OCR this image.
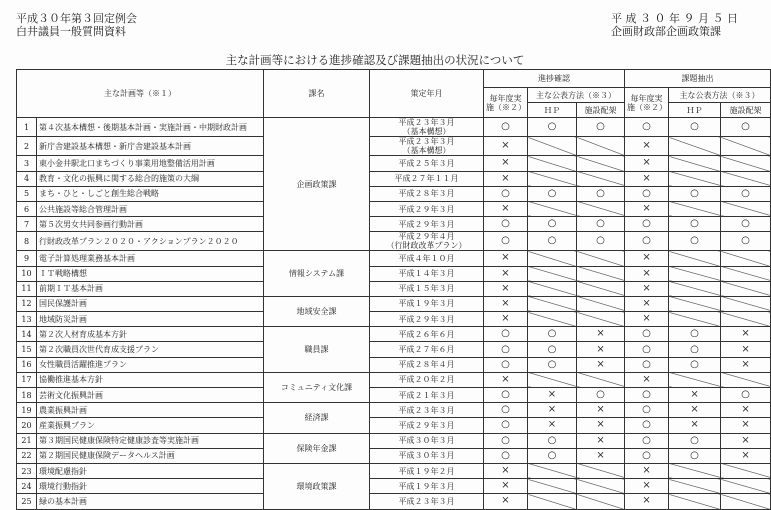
平成３０年第３回定例会
白井議員一般質問資料
平 成 ３ ０ 年 ９ 月 ５ 日
企画財政部企画政策課
主な計画等における進捗確認及び課題抽出の状況について
主な計画等（※１）		課名	策定年月	進捗確認			課題抽出		
				毎年度実施（※２）	主な公表方法（※３）		毎年度実施（※２）	主な公表方法（※３）	
					ＨＰ	施設配架		ＨＰ	施設配架
1	第４次基本構想・後期基本計画・実施計画・中期財政計画	企画政策課	平成２３年３月
（基本構想）	○	○	○	○	○	○
2	新庁舎建設基本構想・新庁舎建設基本計画		平成２３年３月
（基本構想）	×			×		
3	東小金井駅北口まちづくり事業用地整備活用計画		平成２５年３月	×			×		
4	教育・文化の振興に関する総合的施策の大綱		平成２７年１１月	×			×		
5	まち・ひと・しごと創生総合戦略		平成２８年３月	○	○	○	○	○	○
6	公共施設等総合管理計画		平成２９年３月	×			×		
7	第５次男女共同参画行動計画		平成２９年３月	○	○	○	○	○	○
8	行財政改革プラン２０２０・アクションプラン２０２０		平成２９年４月
（行財政改革プラン）	○	○	○	○	○	○
9	電子計算処理業務基本計画	情報システム課	平成４年１０月	×			×		
10	ＩＴ戦略構想		平成１４年３月	×			×		
11	前期ＩＴ基本計画		平成１５年３月	×			×		
12	国民保護計画	地域安全課	平成１９年３月	×			×		
13	地域防災計画		平成２９年３月	×			×		
14	第２次人材育成基本方針	職員課	平成２６年６月	○	○	×	○	○	×
15	第２次職員次世代育成支援プラン		平成２７年６月	○	○	×	○	○	×
16	女性職員活躍推進プラン		平成２８年４月	○	○	×	○	○	×
17	協働推進基本方針	コミュニティ文化課	平成２０年２月	×			×		
18	芸術文化振興計画		平成２１年３月	○	×	○	○	×	○
19	農業振興計画	経済課	平成２３年３月	○	×	×	○	×	×
20	産業振興プラン		平成２９年３月	○	×	×	○	×	×
21	第３期国民健康保険特定健康診査等実施計画	保険年金課	平成３０年３月	○	○	×	○	○	×
22	第２期国民健康保険データヘルス計画		平成３０年３月	○	○	×	○	○	×
23	環境配慮指針	環境政策課	平成１９年２月	×			×		
24	環境行動指針		平成１９年３月	×			×		
25	緑の基本計画		平成２３年３月	×			×		
